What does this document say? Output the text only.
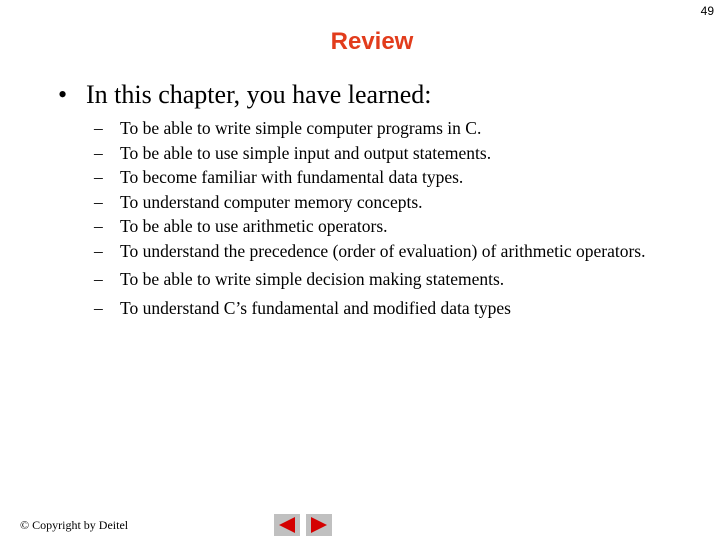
49
Review
• In this chapter, you have learned:
– To be able to write simple computer programs in C.
– To be able to use simple input and output statements.
– To become familiar with fundamental data types.
– To understand computer memory concepts.
– To be able to use arithmetic operators.
– To understand the precedence (order of evaluation) of arithmetic operators.
– To be able to write simple decision making statements.
– To understand C’s fundamental and modified data types
© Copyright by Deitel
